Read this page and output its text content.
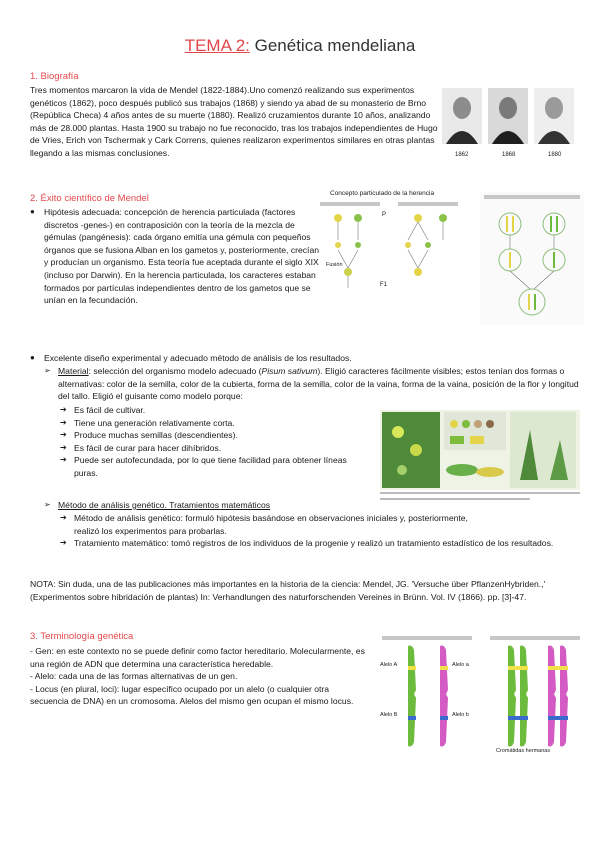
TEMA 2: Genética mendeliana
1. Biografía
Tres momentos marcaron la vida de Mendel (1822-1884).Uno comenzó realizando sus experimentos genéticos (1862), poco después publicó sus trabajos (1868) y siendo ya abad de su monasterio de Brno (República Checa) 4 años antes de su muerte (1880). Realizó cruzamientos durante 10 años, analizando más de 28.000 plantas. Hasta 1900 su trabajo no fue reconocido, tras los trabajos independientes de Hugo de Vries, Erich von Tschermak y Cark Correns, quienes realizaron experimentos similares en otras plantas llegando a las mismas conclusiones.	1862	1868	1880
2. Éxito científico de Mendel
●	Hipótesis adecuada: concepción de herencia particulada (factores discretos -genes-) en contraposición con la teoría de la mezcla de gémulas (pangénesis): cada órgano emitía una gémula con pequeños órganos que se fusiona Alban en los gametos y, posteriormente, crecían y producían un organismo. Esta teoría fue aceptada durante el siglo XIX (incluso por Darwin). En la herencia particulada, los caracteres estaban formados por partículas independientes dentro de los gametos que se unían en la fecundación.
Concepto particulado de la herencia
P
F1
Fusión
●	Excelente diseño experimental y adecuado método de análisis de los resultados.
➢ Material: selección del organismo modelo adecuado (Pisum sativum). Eligió caracteres fácilmente visibles; estos tenían dos formas o alternativas: color de la semilla, color de la cubierta, forma de la semilla, color de la vaina, forma de la vaina, posición de la flor y longitud del tallo. Eligió el guisante como modelo porque:
➔ Es fácil de cultivar.
➔ Tiene una generación relativamente corta.
➔ Produce muchas semillas (descendientes).
➔ Es fácil de curar para hacer dihíbridos.
➔ Puede ser autofecundada, por lo que tiene facilidad para obtener líneas puras.
➢ Método de análisis genético. Tratamientos matemáticos
➔ Método de análisis genético: formuló hipótesis basándose en observaciones iniciales y, posteriormente, realizó los experimentos para probarlas.
➔ Tratamiento matemático: tomó registros de los individuos de la progenie y realizó un tratamiento estadístico de los resultados.
NOTA: Sin duda, una de las publicaciones más importantes en la historia de la ciencia: Mendel, JG. 'Versuche über PflanzenHybriden.,' (Experimentos sobre hibridación de plantas) In: Verhandlungen des naturforschenden Vereines in Brünn. Vol. IV (1866). pp. [3]-47.
3. Terminología genética
- Gen: en este contexto no se puede definir como factor hereditario. Molecularmente, es una región de ADN que determina una característica heredable.
- Alelo: cada una de las formas alternativas de un gen.
- Locus (en plural, loci): lugar específico ocupado por un alelo (o cualquier otra secuencia de DNA) en un cromosoma. Alelos del mismo gen ocupan el mismo locus.
Alelo A	Alelo a
Alelo B	Alelo b
Cromátidas hermanas
